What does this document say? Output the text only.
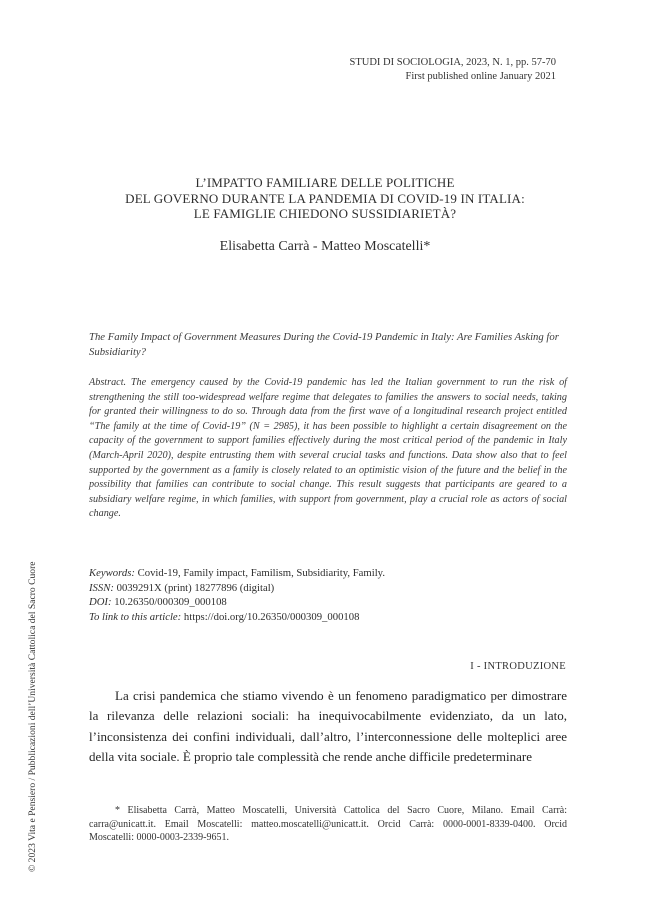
STUDI DI SOCIOLOGIA, 2023, N. 1, pp. 57-70
First published online January 2021
L’IMPATTO FAMILIARE DELLE POLITICHE
DEL GOVERNO DURANTE LA PANDEMIA DI COVID-19 IN ITALIA:
LE FAMIGLIE CHIEDONO SUSSIDIARIETÀ?
Elisabetta Carrà - Matteo Moscatelli*
The Family Impact of Government Measures During the Covid-19 Pandemic in Italy: Are Families Asking for Subsidiarity?
Abstract. The emergency caused by the Covid-19 pandemic has led the Italian government to run the risk of strengthening the still too-widespread welfare regime that delegates to families the answers to social needs, taking for granted their willingness to do so. Through data from the first wave of a longitudinal research project entitled “The family at the time of Covid-19” (N = 2985), it has been possible to highlight a certain disagreement on the capacity of the government to support families effectively during the most critical period of the pandemic in Italy (March-April 2020), despite entrusting them with several crucial tasks and functions. Data show also that to feel supported by the government as a family is closely related to an optimistic vision of the future and the belief in the possibility that families can contribute to social change. This result suggests that participants are geared to a subsidiary welfare regime, in which families, with support from government, play a crucial role as actors of social change.
Keywords: Covid-19, Family impact, Familism, Subsidiarity, Family.
ISSN: 0039291X (print) 18277896 (digital)
DOI: 10.26350/000309_000108
To link to this article: https://doi.org/10.26350/000309_000108
I - INTRODUZIONE
La crisi pandemica che stiamo vivendo è un fenomeno paradigmatico per dimostrare la rilevanza delle relazioni sociali: ha inequivocabilmente evidenziato, da un lato, l’inconsistenza dei confini individuali, dall’altro, l’interconnessione delle molteplici aree della vita sociale. È proprio tale complessità che rende anche difficile predeterminare
* Elisabetta Carrà, Matteo Moscatelli, Università Cattolica del Sacro Cuore, Milano. Email Carrà: carra@unicatt.it. Email Moscatelli: matteo.moscatelli@unicatt.it. Orcid Carrà: 0000-0001-8339-0400. Orcid Moscatelli: 0000-0003-2339-9651.
© 2023 Vita e Pensiero / Pubblicazioni dell’Università Cattolica del Sacro Cuore
